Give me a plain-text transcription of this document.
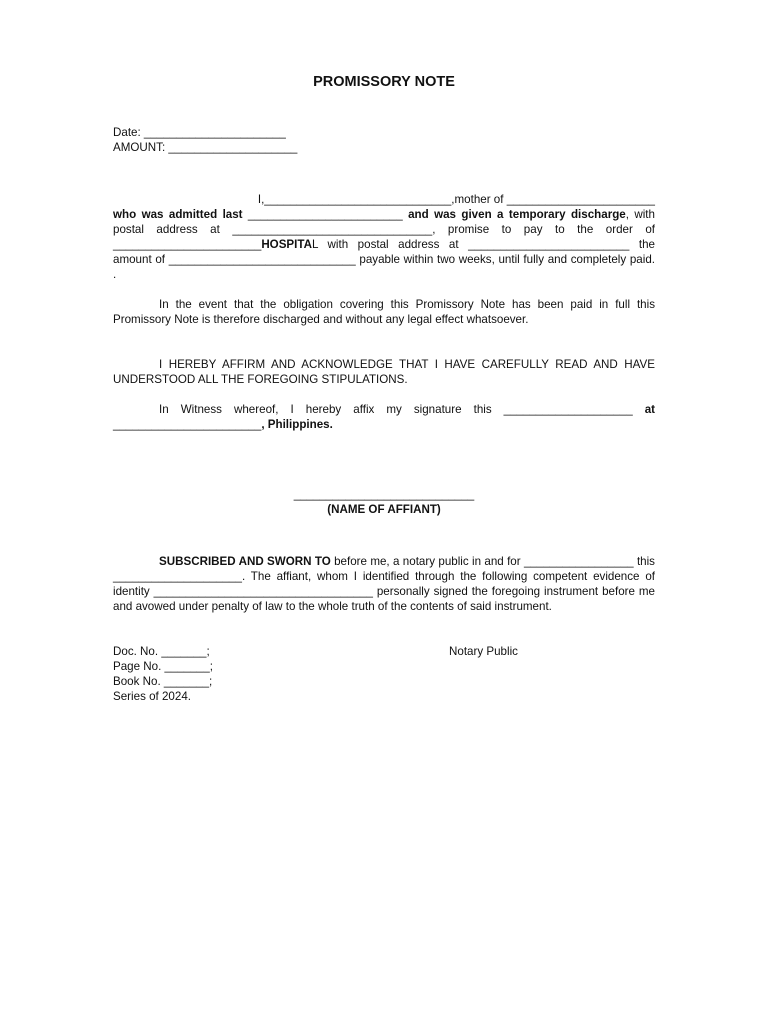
PROMISSORY NOTE

Date: ______________________

AMOUNT: ____________________

I,_____________________________,mother of _______________________who was admitted last ________________________ and was given a temporary discharge, with postal address at _______________________________, promise to pay to the order of _______________________HOSPITAL with postal address at _________________________ the amount of _____________________________ payable within two weeks, until fully and completely paid. .

In the event that the obligation covering this Promissory Note has been paid in full this Promissory Note is therefore discharged and without any legal effect whatsoever.

I HEREBY AFFIRM AND ACKNOWLEDGE THAT I HAVE CAREFULLY READ AND HAVE UNDERSTOOD ALL THE FOREGOING STIPULATIONS.

In Witness whereof, I hereby affix my signature this ____________________ at _______________________, Philippines.

____________________________
(NAME OF AFFIANT)

SUBSCRIBED AND SWORN TO before me, a notary public in and for _________________ this ____________________. The affiant, whom I identified through the following competent evidence of identity __________________________________ personally signed the foregoing instrument before me and avowed under penalty of law to the whole truth of the contents of said instrument.

Doc. No. _______;

Page No. _______;

Book No. _______;

Series of 2024.

Notary Public
